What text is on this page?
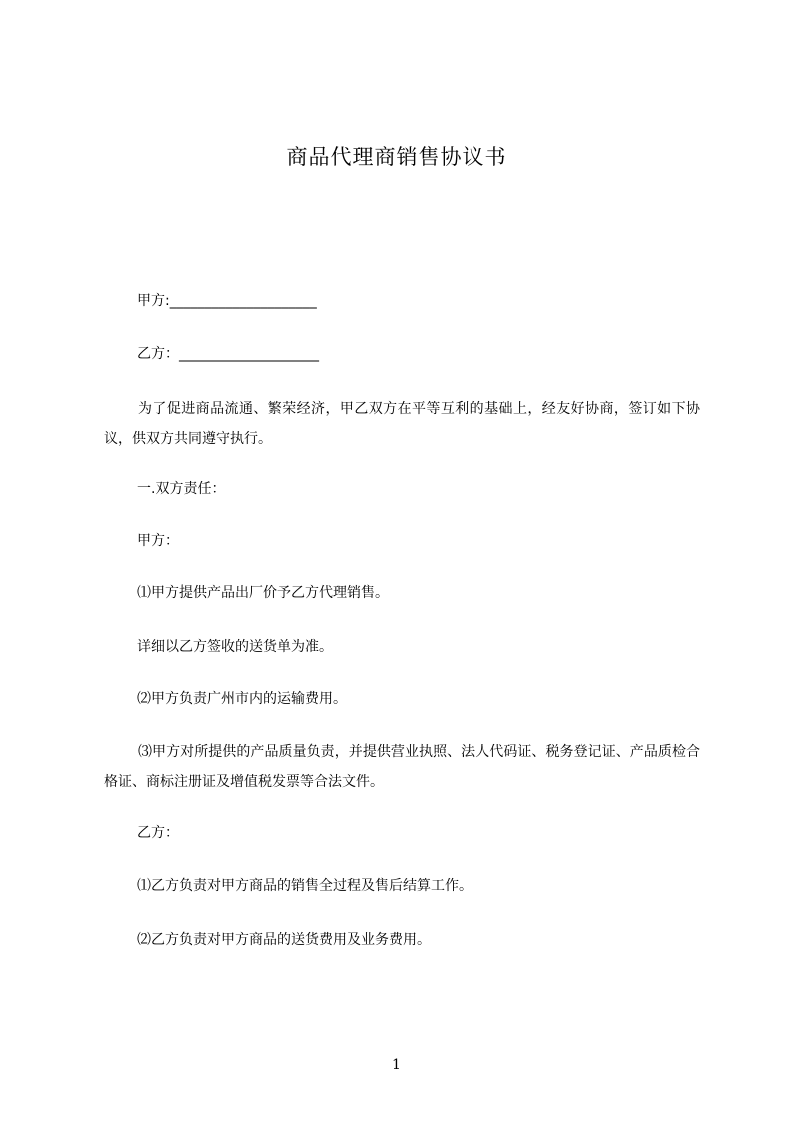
商品代理商销售协议书
甲方:_____________________
乙方：____________________
为了促进商品流通、繁荣经济，甲乙双方在平等互利的基础上，经友好协商，签订如下协议，供双方共同遵守执行。
一.双方责任：
甲方：
⑴甲方提供产品出厂价予乙方代理销售。
详细以乙方签收的送货单为准。
⑵甲方负责广州市内的运输费用。
⑶甲方对所提供的产品质量负责，并提供营业执照、法人代码证、税务登记证、产品质检合格证、商标注册证及增值税发票等合法文件。
乙方：
⑴乙方负责对甲方商品的销售全过程及售后结算工作。
⑵乙方负责对甲方商品的送货费用及业务费用。
1
